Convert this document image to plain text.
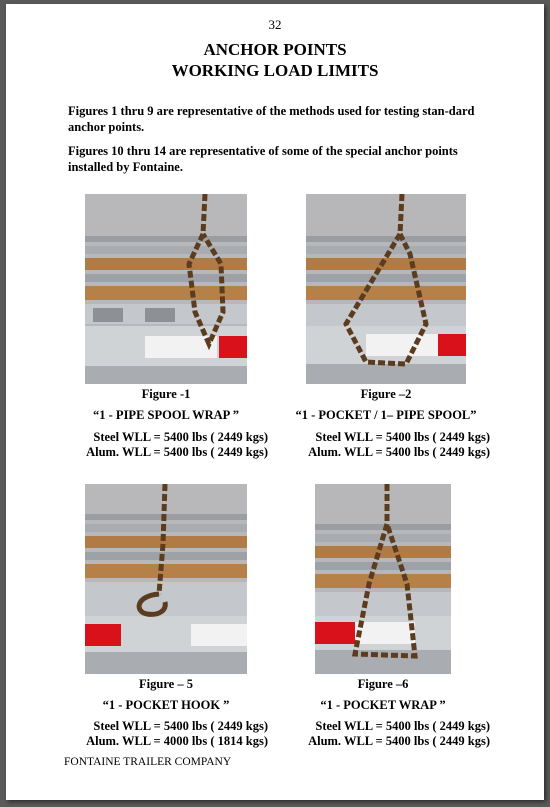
32
ANCHOR POINTS
WORKING LOAD LIMITS
Figures 1 thru 9 are representative of the methods used for testing stan-dard anchor points.
Figures 10 thru 14 are representative of some of the special anchor points installed by Fontaine.
Figure -1
“1 - PIPE SPOOL WRAP ”
Steel WLL = 5400 lbs ( 2449 kgs)
Alum. WLL = 5400 lbs ( 2449 kgs)
Figure –2
“1 - POCKET / 1– PIPE SPOOL”
Steel WLL = 5400 lbs ( 2449 kgs)
Alum. WLL = 5400 lbs ( 2449 kgs)
Figure – 5
“1 - POCKET HOOK ”
Steel WLL = 5400 lbs ( 2449 kgs)
Alum. WLL = 4000 lbs ( 1814 kgs)
Figure –6
“1 - POCKET WRAP ”
Steel WLL = 5400 lbs ( 2449 kgs)
Alum. WLL = 5400 lbs ( 2449 kgs)
FONTAINE TRAILER COMPANY
